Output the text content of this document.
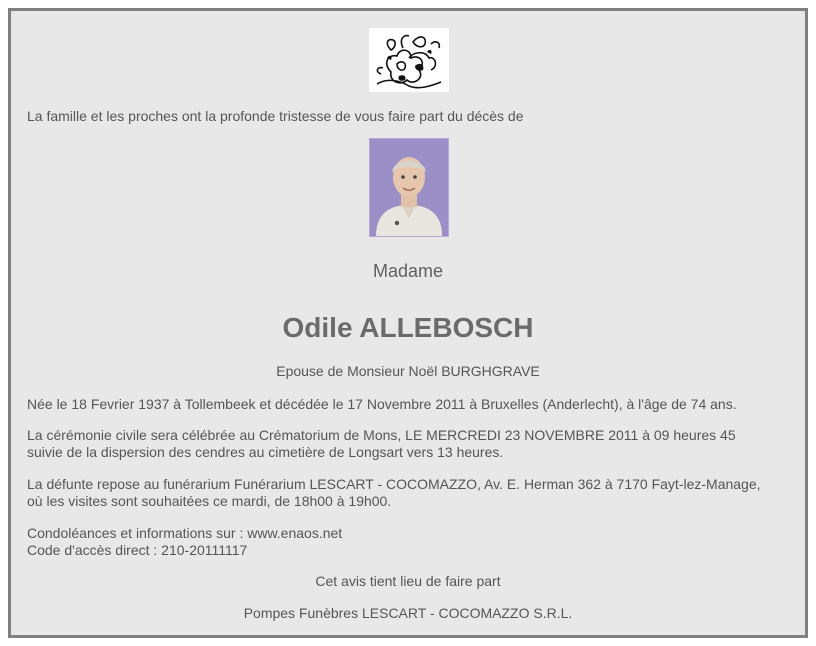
La famille et les proches ont la profonde tristesse de vous faire part du décès de
Madame
Odile ALLEBOSCH
Epouse de Monsieur Noël BURGHGRAVE
Née le 18 Fevrier 1937 à Tollembeek et décédée le 17 Novembre 2011 à Bruxelles (Anderlecht), à l'âge de 74 ans.
La cérémonie civile sera célébrée au Crématorium de Mons, LE MERCREDI 23 NOVEMBRE 2011 à 09 heures 45
suivie de la dispersion des cendres au cimetière de Longsart vers 13 heures.
La défunte repose au funérarium Funérarium LESCART - COCOMAZZO, Av. E. Herman 362 à 7170 Fayt-lez-Manage,
où les visites sont souhaitées ce mardi, de 18h00 à 19h00.
Condoléances et informations sur : www.enaos.net
Code d'accès direct : 210-20111117
Cet avis tient lieu de faire part
Pompes Funèbres LESCART - COCOMAZZO S.R.L.
